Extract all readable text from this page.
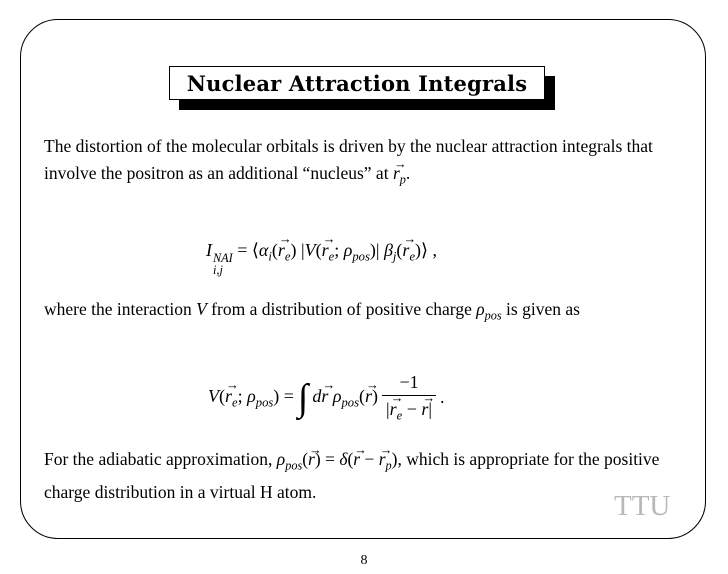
Nuclear Attraction Integrals

The distortion of the molecular orbitals is driven by the nuclear attraction integrals that involve the positron as an additional “nucleus” at → $r_p$.

I NAI
i,j
= $⟨\alpha_i(\to r_e)$ $|V(\to r_e$; $\rho_{pos})|$ $\beta_j(\to$ $r_e)⟩$ ,

where the interaction V from a distribution of positive charge $\rho_{pos}$ is given as

$V(\to r_e$; $\rho_{pos}$) = ∫ d→ r $\rho_{pos}(\to r) \frac{-1}{|\to r_e - \to r|}$ .

For the adiabatic approximation, $\rho_{pos}(\to r) = \delta(\to r$ − → $r_p$), which is appropriate for the positive charge distribution in a virtual H atom.	TTU
8
